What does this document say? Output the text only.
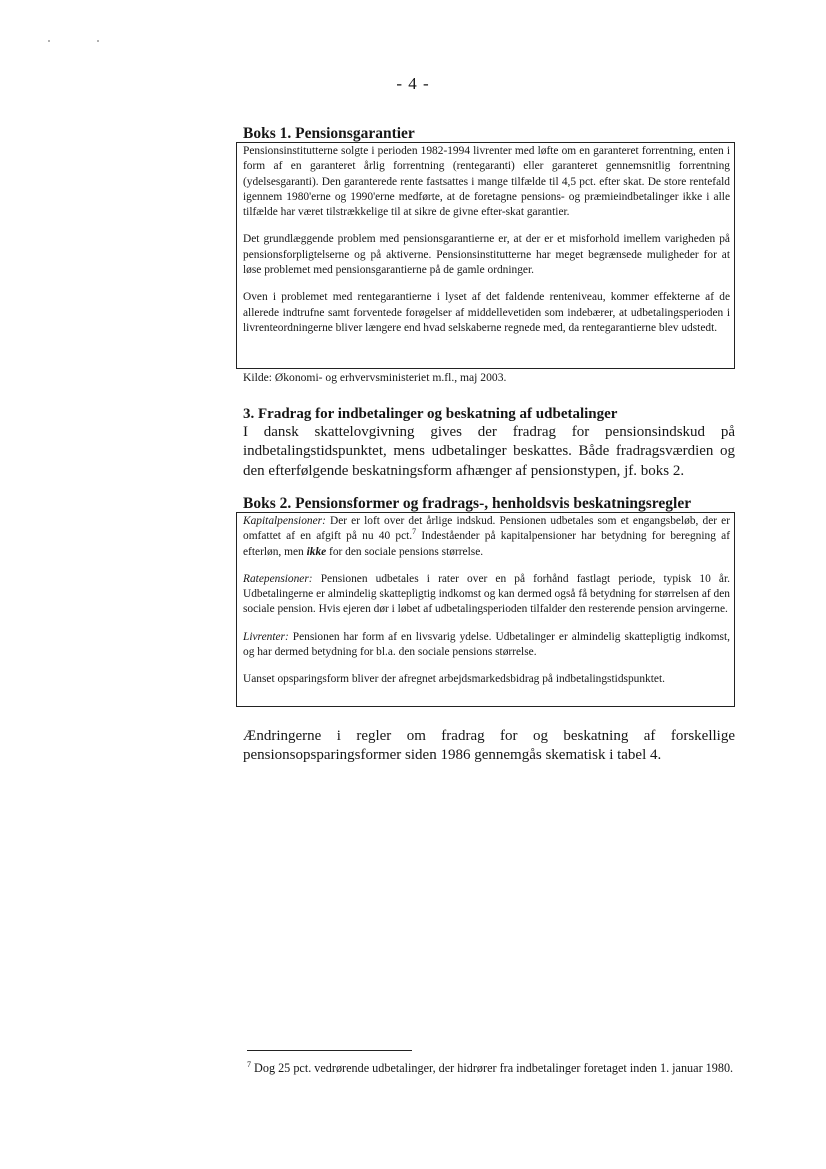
- 4 -
Boks 1. Pensionsgarantier

Pensionsinstitutterne solgte i perioden 1982-1994 livrenter med løfte om en garanteret forrentning, enten i form af en garanteret årlig forrentning (rentegaranti) eller garanteret gennemsnitlig forrentning (ydelsesgaranti). Den garanterede rente fastsattes i mange tilfælde til 4,5 pct. efter skat. De store rentefald igennem 1980'erne og 1990'erne medførte, at de foretagne pensions- og præmieindbetalinger ikke i alle tilfælde har været tilstrækkelige til at sikre de givne efter-skat garantier.

Det grundlæggende problem med pensionsgarantierne er, at der er et misforhold imellem varigheden på pensionsforpligtelserne og på aktiverne. Pensionsinstitutterne har meget begrænsede muligheder for at løse problemet med pensionsgarantierne på de gamle ordninger.

Oven i problemet med rentegarantierne i lyset af det faldende renteniveau, kommer effekterne af de allerede indtrufne samt forventede forøgelser af middellevetiden som indebærer, at udbetalingsperioden i livrenteordningerne bliver længere end hvad selskaberne regnede med, da rentegarantierne blev udstedt.

Kilde: Økonomi- og erhvervsministeriet m.fl., maj 2003.
3. Fradrag for indbetalinger og beskatning af udbetalinger
I dansk skattelovgivning gives der fradrag for pensionsindskud på indbetalingstidspunktet, mens udbetalinger beskattes. Både fradragsværdien og den efterfølgende beskatningsform afhænger af pensionstypen, jf. boks 2.
Boks 2. Pensionsformer og fradrags-, henholdsvis beskatningsregler

Kapitalpensioner: Der er loft over det årlige indskud. Pensionen udbetales som et engangsbeløb, der er omfattet af en afgift på nu 40 pct.$^7$ Indeståender på kapitalpensioner har betydning for beregning af efterløn, men ikke for den sociale pensions størrelse.

Ratepensioner: Pensionen udbetales i rater over en på forhånd fastlagt periode, typisk 10 år. Udbetalingerne er almindelig skattepligtig indkomst og kan dermed også få betydning for størrelsen af den sociale pension. Hvis ejeren dør i løbet af udbetalingsperioden tilfalder den resterende pension arvingerne.

Livrenter: Pensionen har form af en livsvarig ydelse. Udbetalinger er almindelig skattepligtig indkomst, og har dermed betydning for bl.a. den sociale pensions størrelse.

Uanset opsparingsform bliver der afregnet arbejdsmarkedsbidrag på indbetalingstidspunktet.

Ændringerne i regler om fradrag for og beskatning af forskellige pensionsopsparingsformer siden 1986 gennemgås skematisk i tabel 4.
$^7$ Dog 25 pct. vedrørende udbetalinger, der hidrører fra indbetalinger foretaget inden 1. januar 1980.
